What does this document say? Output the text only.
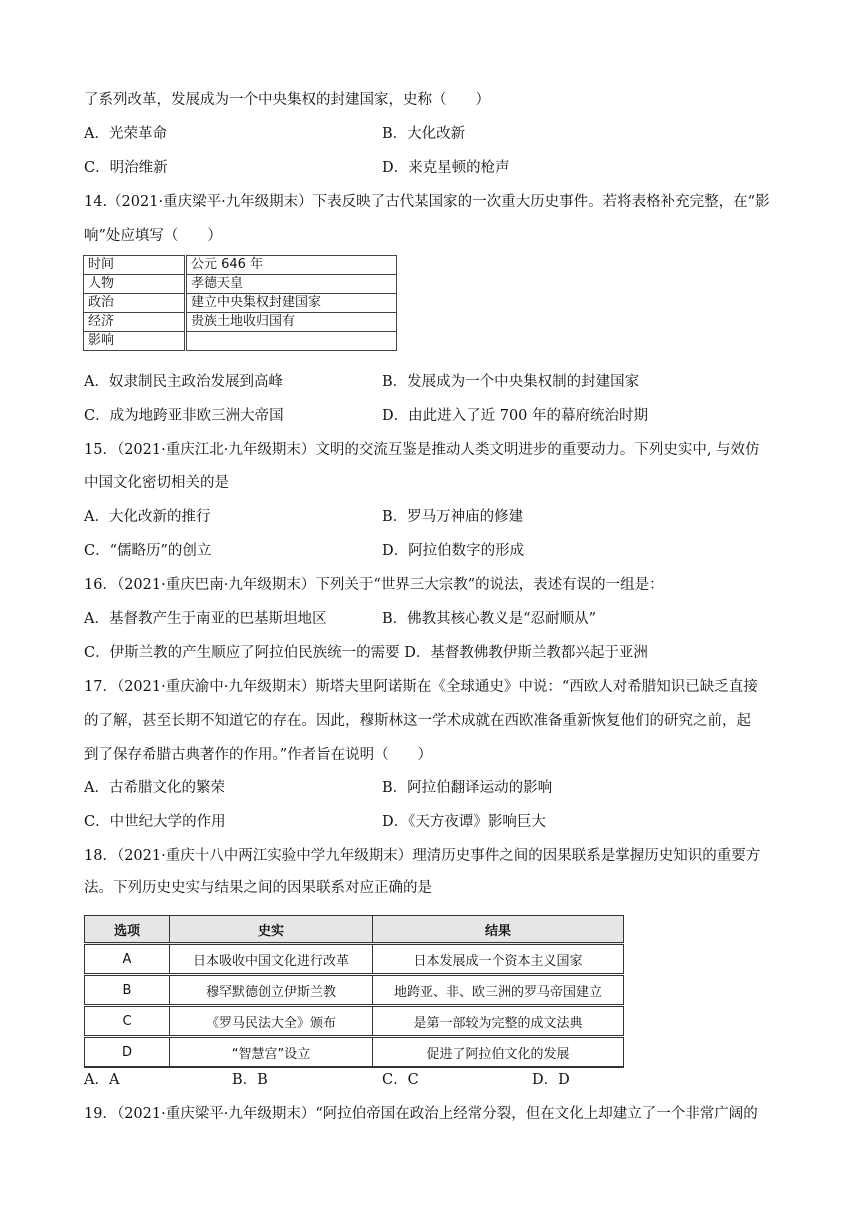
了系列改革，发展成为一个中央集权的封建国家，史称（　　）
A．光荣革命	B．大化改新
C．明治维新	D．来克星顿的枪声
14.（2021·重庆梁平·九年级期末）下表反映了古代某国家的一次重大历史事件。若将表格补充完整，在“影
响”处应填写（　　）
时间	公元 646 年
人物	孝德天皇
政治	建立中央集权封建国家
经济	贵族土地收归国有
影响	
A．奴隶制民主政治发展到高峰	B．发展成为一个中央集权制的封建国家
C．成为地跨亚非欧三洲大帝国	D．由此进入了近 700 年的幕府统治时期
15．（2021·重庆江北·九年级期末）文明的交流互鉴是推动人类文明进步的重要动力。下列史实中, 与效仿
中国文化密切相关的是
A．大化改新的推行	B．罗马万神庙的修建
C．“儒略历”的创立	D．阿拉伯数字的形成
16．（2021·重庆巴南·九年级期末）下列关于“世界三大宗教”的说法，表述有误的一组是：
A．基督教产生于南亚的巴基斯坦地区	B．佛教其核心教义是“忍耐顺从”
C．伊斯兰教的产生顺应了阿拉伯民族统一的需要 D．基督教佛教伊斯兰教都兴起于亚洲
17．（2021·重庆渝中·九年级期末）斯塔夫里阿诺斯在《全球通史》中说：“西欧人对希腊知识已缺乏直接
的了解，甚至长期不知道它的存在。因此，穆斯林这一学术成就在西欧准备重新恢复他们的研究之前，起
到了保存希腊古典著作的作用。”作者旨在说明（　　）
A．古希腊文化的繁荣	B．阿拉伯翻译运动的影响
C．中世纪大学的作用	D．《天方夜谭》影响巨大
18．（2021·重庆十八中两江实验中学九年级期末）理清历史事件之间的因果联系是掌握历史知识的重要方
法。下列历史史实与结果之间的因果联系对应正确的是
选项	史实	结果
A	日本吸收中国文化进行改革	日本发展成一个资本主义国家
B	穆罕默德创立伊斯兰教	地跨亚、非、欧三洲的罗马帝国建立
C	《罗马民法大全》颁布	是第一部较为完整的成文法典
D	“智慧宫”设立	促进了阿拉伯文化的发展
A．A	B．B	C．C	D．D
19．（2021·重庆梁平·九年级期末）“阿拉伯帝国在政治上经常分裂，但在文化上却建立了一个非常广阔的
